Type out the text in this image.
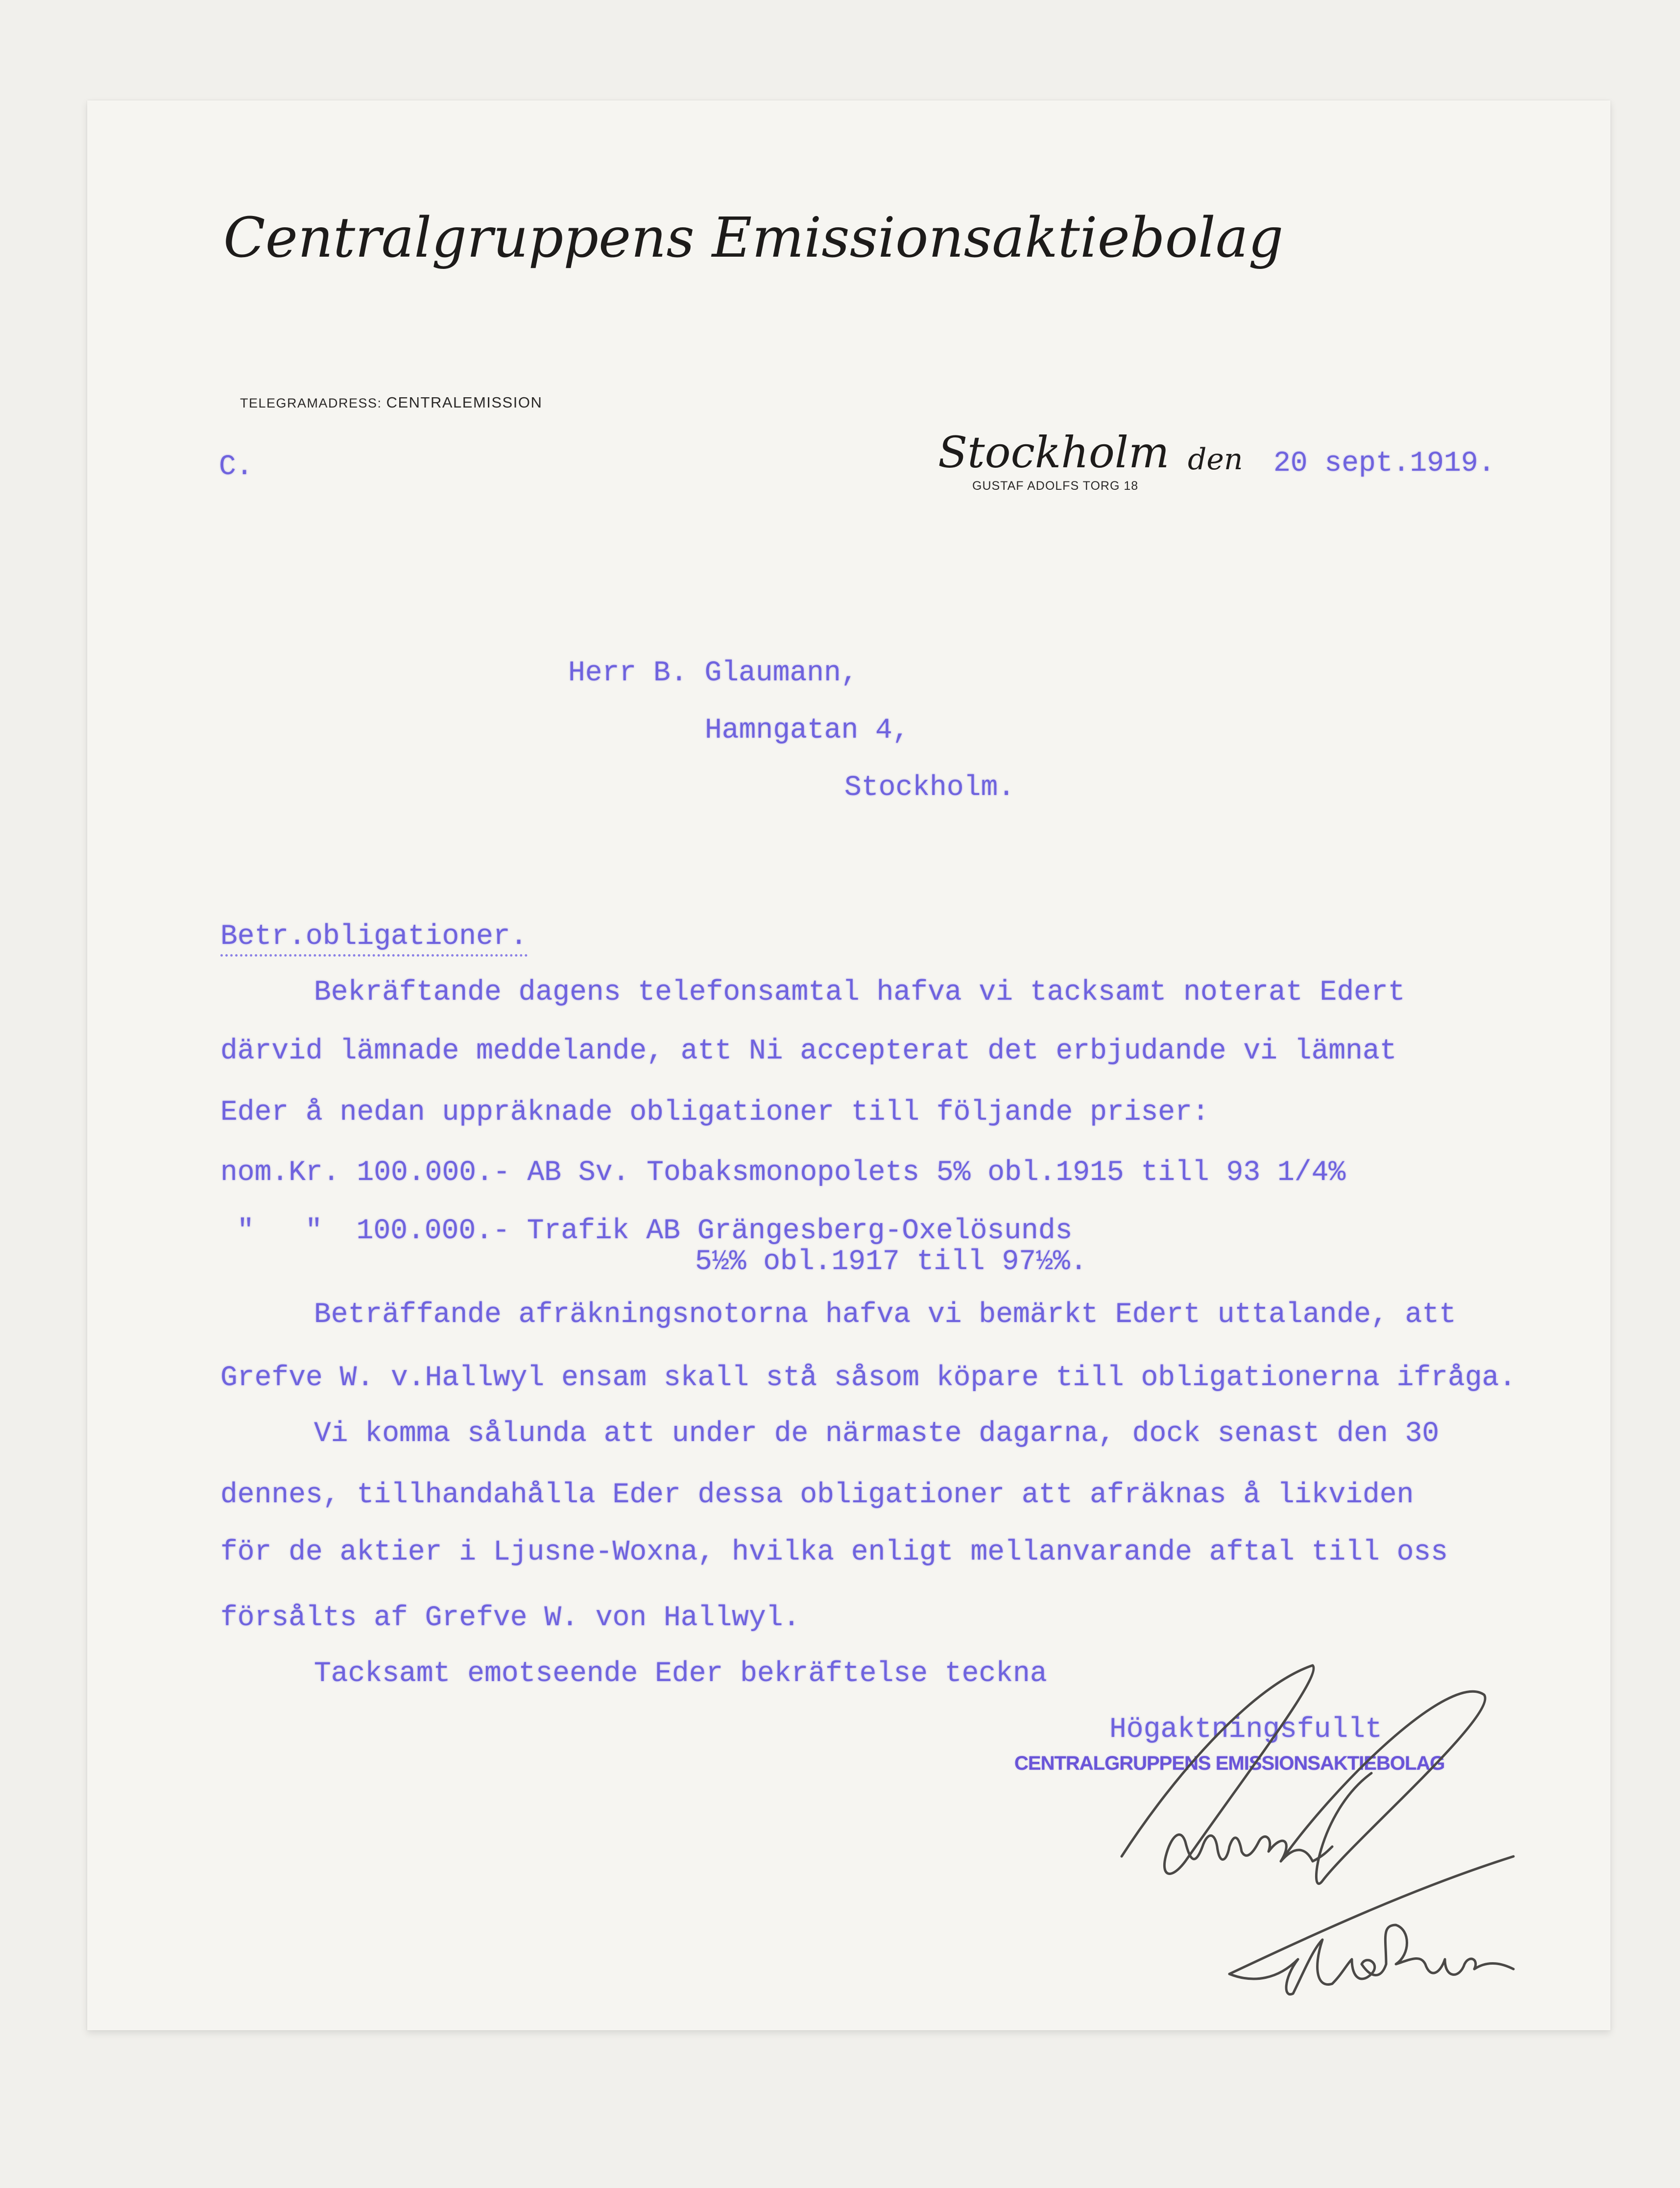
Centralgruppens Emissionsaktiebolag
TELEGRAMADRESS: CENTRALEMISSION
C.	Stockholm den 20 sept.1919.
GUSTAF ADOLFS TORG 18
Herr B. Glaumann,
Hamngatan 4,
Stockholm.
Betr.obligationer.
Bekräftande dagens telefonsamtal hafva vi tacksamt noterat Edert
därvid lämnade meddelande, att Ni accepterat det erbjudande vi lämnat
Eder å nedan uppräknade obligationer till följande priser:
nom.Kr. 100.000.- AB Sv. Tobaksmonopolets 5% obl.1915 till 93 1/4%
"   "  100.000.- Trafik AB Grängesberg-Oxelösunds
5½% obl.1917 till 97½%.
Beträffande afräkningsnotorna hafva vi bemärkt Edert uttalande, att
Grefve W. v.Hallwyl ensam skall stå såsom köpare till obligationerna ifråga.
Vi komma sålunda att under de närmaste dagarna, dock senast den 30
dennes, tillhandahålla Eder dessa obligationer att afräknas å likviden
för de aktier i Ljusne-Woxna, hvilka enligt mellanvarande aftal till oss
försålts af Grefve W. von Hallwyl.
Tacksamt emotseende Eder bekräftelse teckna
Högaktningsfullt
CENTRALGRUPPENS EMISSIONSAKTIEBOLAG
